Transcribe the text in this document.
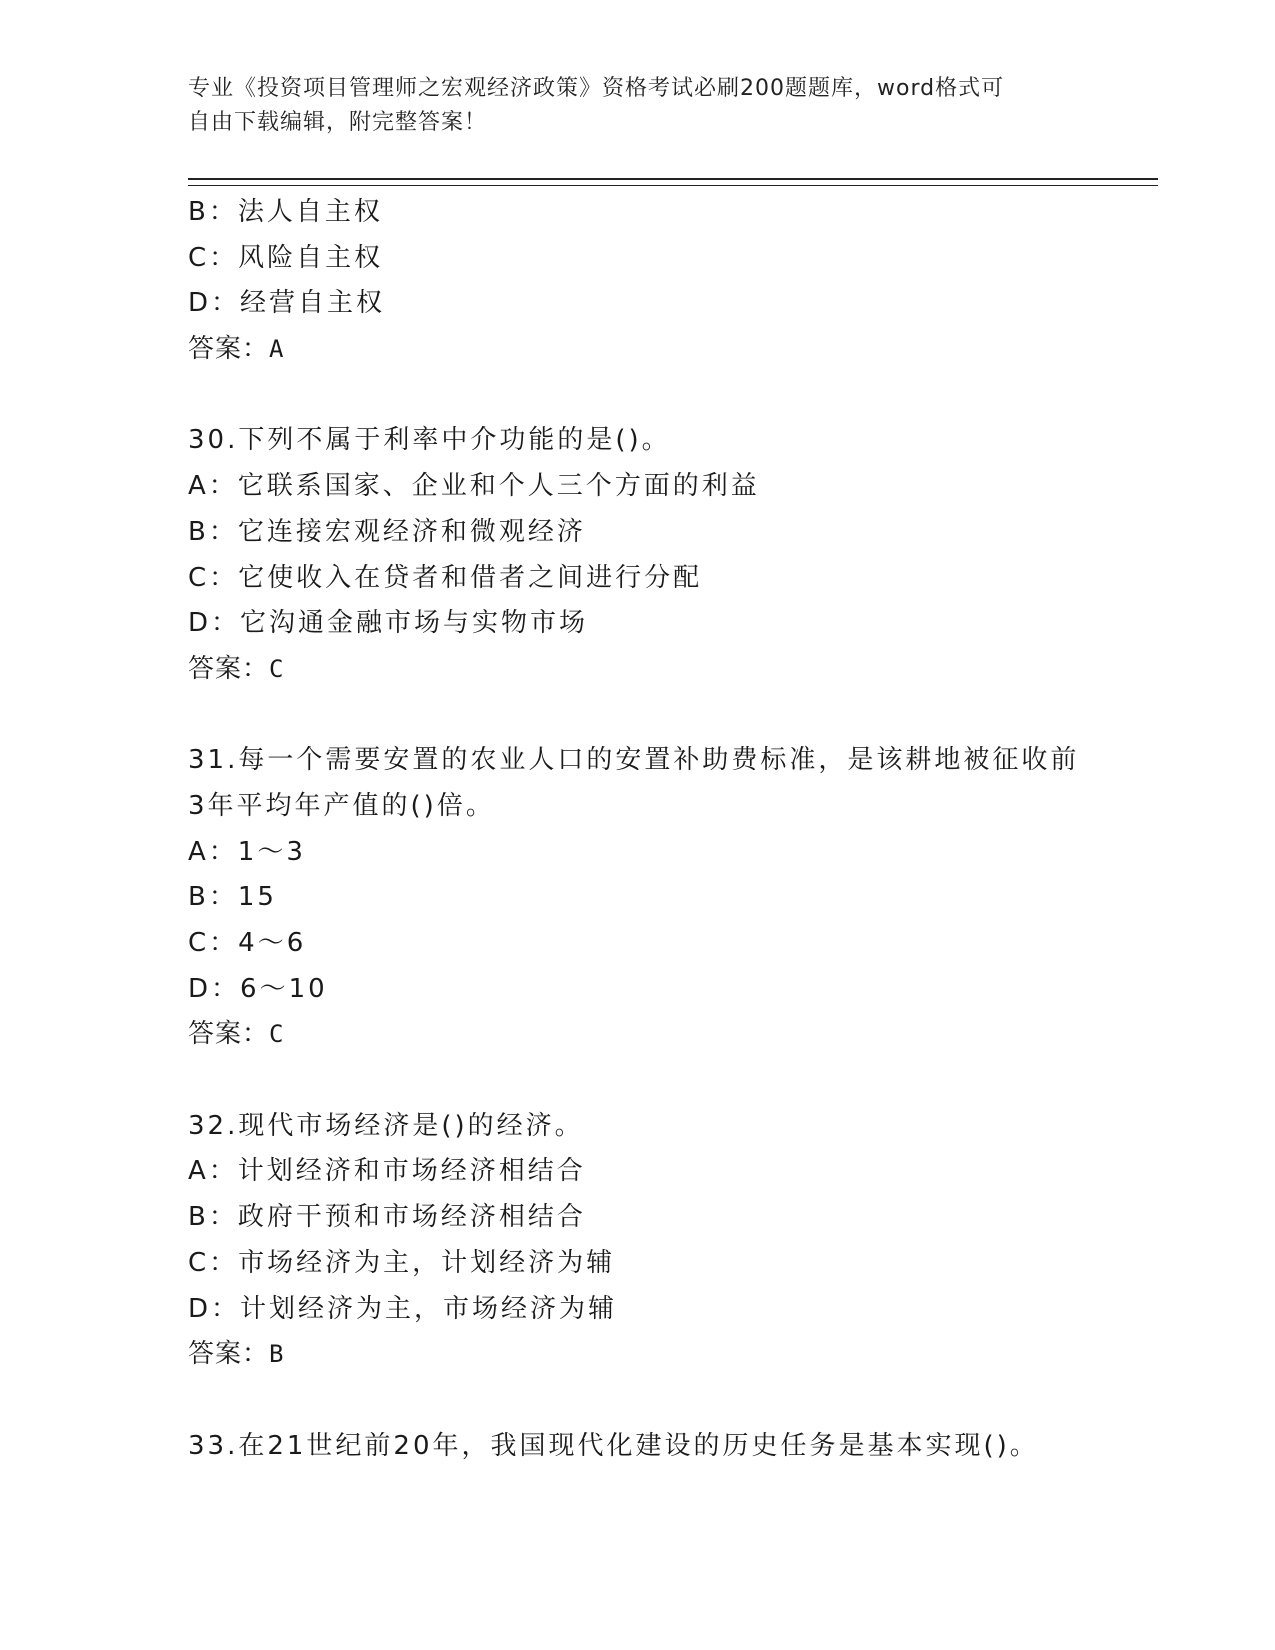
专业《投资项目管理师之宏观经济政策》资格考试必刷200题题库，word格式可
自由下载编辑，附完整答案！
B：法人自主权
C：风险自主权
D：经营自主权
答案：A
30.下列不属于利率中介功能的是()。
A：它联系国家、企业和个人三个方面的利益
B：它连接宏观经济和微观经济
C：它使收入在贷者和借者之间进行分配
D：它沟通金融市场与实物市场
答案：C
31.每一个需要安置的农业人口的安置补助费标准，是该耕地被征收前
3年平均年产值的()倍。
A：1～3
B：15
C：4～6
D：6～10
答案：C
32.现代市场经济是()的经济。
A：计划经济和市场经济相结合
B：政府干预和市场经济相结合
C：市场经济为主，计划经济为辅
D：计划经济为主，市场经济为辅
答案：B
33.在21世纪前20年，我国现代化建设的历史任务是基本实现()。
